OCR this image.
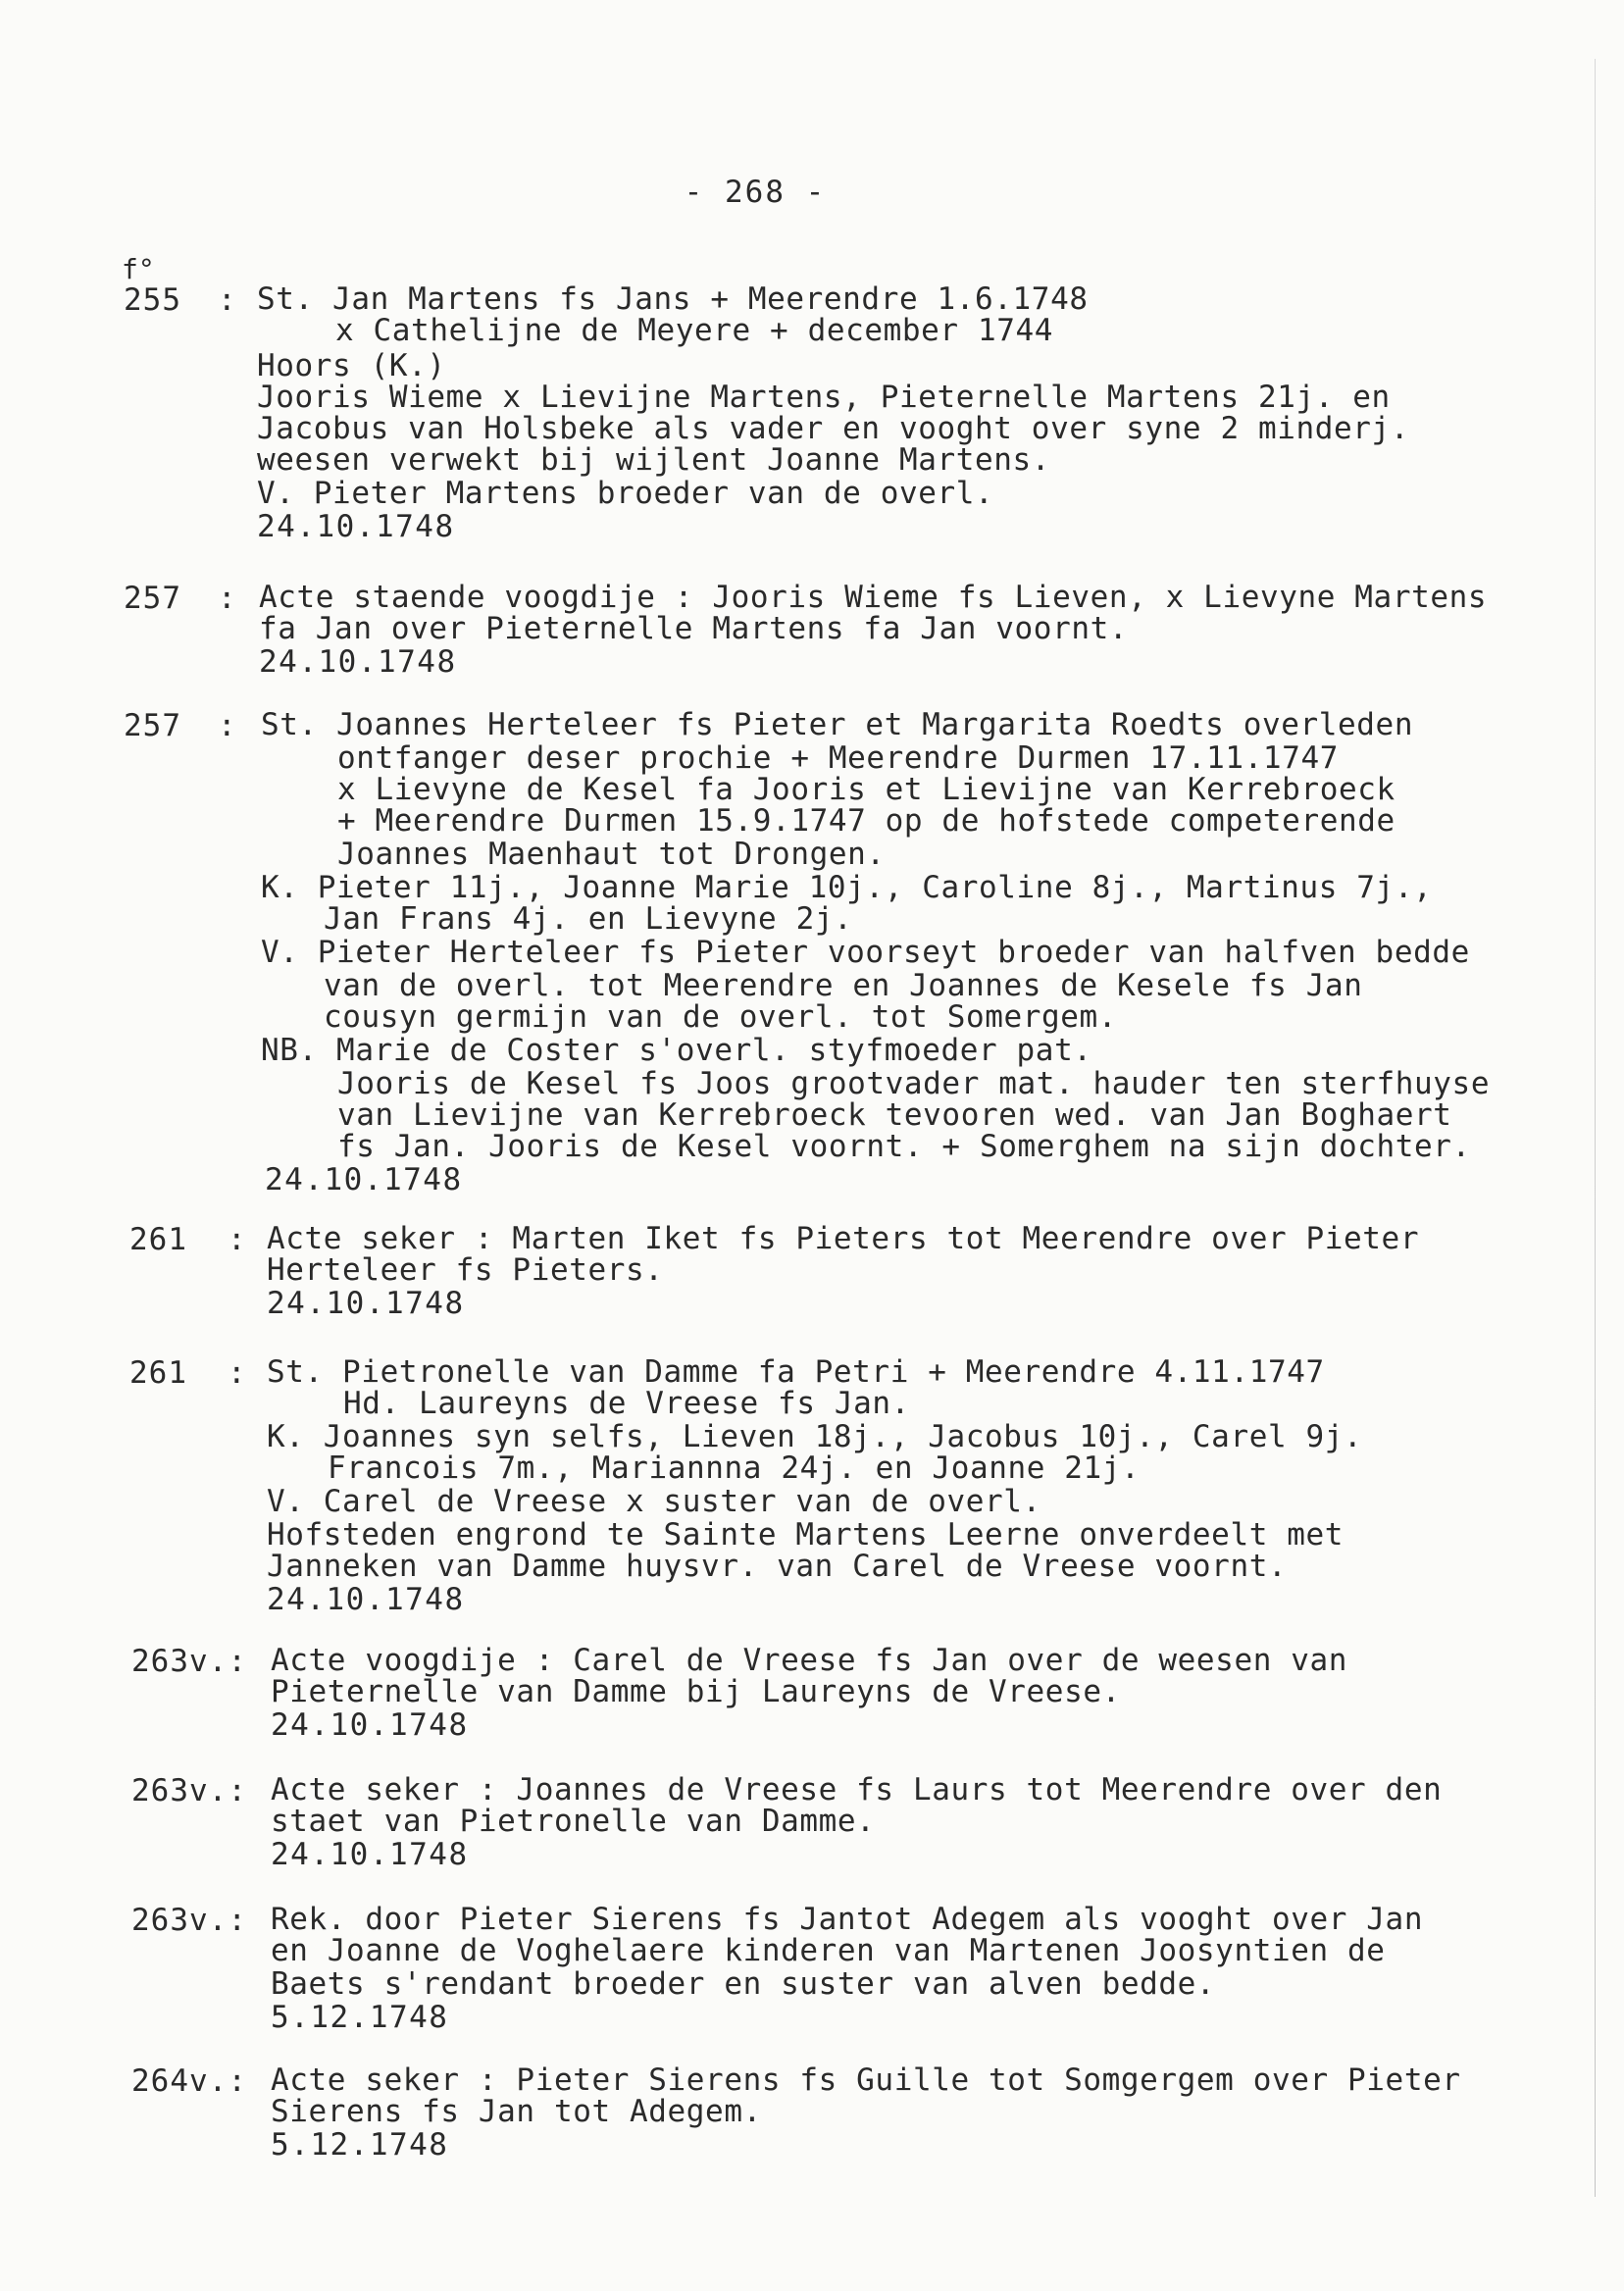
- 268 -
f°
255 : St. Jan Martens fs Jans + Meerendre 1.6.1748
x Cathelijne de Meyere + december 1744
Hoors (K.)
Jooris Wieme x Lievijne Martens, Pieternelle Martens 21j. en
Jacobus van Holsbeke als vader en vooght over syne 2 minderj.
weesen verwekt bij wijlent Joanne Martens.
V. Pieter Martens broeder van de overl.
24.10.1748
257 : Acte staende voogdije : Jooris Wieme fs Lieven, x Lievyne Martens
fa Jan over Pieternelle Martens fa Jan voornt.
24.10.1748
257 : St. Joannes Herteleer fs Pieter et Margarita Roedts overleden
ontfanger deser prochie + Meerendre Durmen 17.11.1747
x Lievyne de Kesel fa Jooris et Lievijne van Kerrebroeck
+ Meerendre Durmen 15.9.1747 op de hofstede competerende
Joannes Maenhaut tot Drongen.
K. Pieter 11j., Joanne Marie 10j., Caroline 8j., Martinus 7j.,
Jan Frans 4j. en Lievyne 2j.
V. Pieter Herteleer fs Pieter voorseyt broeder van halfven bedde
van de overl. tot Meerendre en Joannes de Kesele fs Jan
cousyn germijn van de overl. tot Somergem.
NB. Marie de Coster s'overl. styfmoeder pat.
Jooris de Kesel fs Joos grootvader mat. hauder ten sterfhuyse
van Lievijne van Kerrebroeck tevooren wed. van Jan Boghaert
fs Jan. Jooris de Kesel voornt. + Somerghem na sijn dochter.
24.10.1748
261 : Acte seker : Marten Iket fs Pieters tot Meerendre over Pieter
Herteleer fs Pieters.
24.10.1748
261 : St. Pietronelle van Damme fa Petri + Meerendre 4.11.1747
Hd. Laureyns de Vreese fs Jan.
K. Joannes syn selfs, Lieven 18j., Jacobus 10j., Carel 9j.
Francois 7m., Mariannna 24j. en Joanne 21j.
V. Carel de Vreese x suster van de overl.
Hofsteden engrond te Sainte Martens Leerne onverdeelt met
Janneken van Damme huysvr. van Carel de Vreese voornt.
24.10.1748
263v.: Acte voogdije : Carel de Vreese fs Jan over de weesen van
Pieternelle van Damme bij Laureyns de Vreese.
24.10.1748
263v.: Acte seker : Joannes de Vreese fs Laurs tot Meerendre over den
staet van Pietronelle van Damme.
24.10.1748
263v.: Rek. door Pieter Sierens fs Jantot Adegem als vooght over Jan
en Joanne de Voghelaere kinderen van Martenen Joosyntien de
Baets s'rendant broeder en suster van alven bedde.
5.12.1748
264v.: Acte seker : Pieter Sierens fs Guille tot Somgergem over Pieter
Sierens fs Jan tot Adegem.
5.12.1748
